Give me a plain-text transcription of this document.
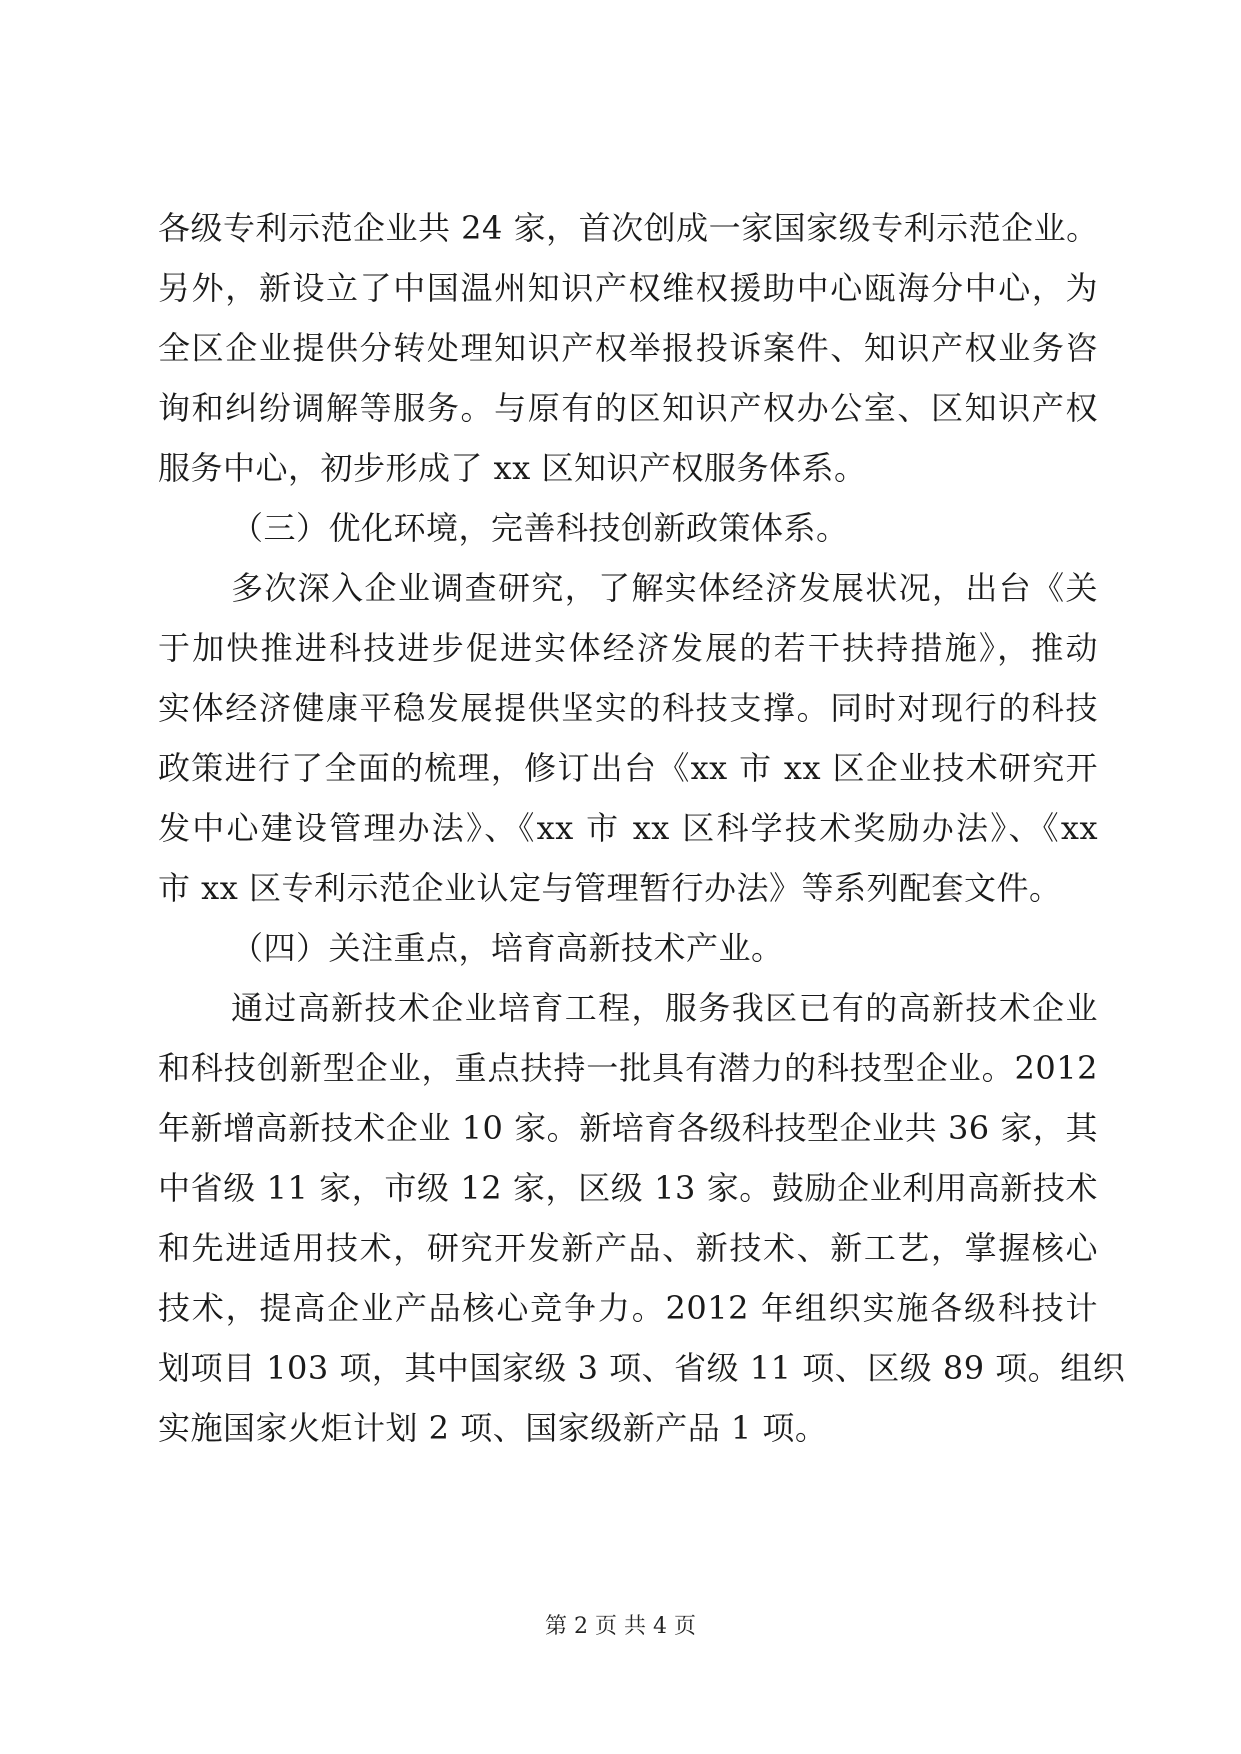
各级专利示范企业共 24 家，首次创成一家国家级专利示范企业。
另外，新设立了中国温州知识产权维权援助中心瓯海分中心，为
全区企业提供分转处理知识产权举报投诉案件、知识产权业务咨
询和纠纷调解等服务。与原有的区知识产权办公室、区知识产权
服务中心，初步形成了 xx 区知识产权服务体系。
（三）优化环境，完善科技创新政策体系。
多次深入企业调查研究，了解实体经济发展状况，出台《关
于加快推进科技进步促进实体经济发展的若干扶持措施》，推动
实体经济健康平稳发展提供坚实的科技支撑。同时对现行的科技
政策进行了全面的梳理，修订出台《xx 市 xx 区企业技术研究开
发中心建设管理办法》、《xx 市 xx 区科学技术奖励办法》、《xx
市 xx 区专利示范企业认定与管理暂行办法》等系列配套文件。
（四）关注重点，培育高新技术产业。
通过高新技术企业培育工程，服务我区已有的高新技术企业
和科技创新型企业，重点扶持一批具有潜力的科技型企业。2012
年新增高新技术企业 10 家。新培育各级科技型企业共 36 家，其
中省级 11 家，市级 12 家，区级 13 家。鼓励企业利用高新技术
和先进适用技术，研究开发新产品、新技术、新工艺，掌握核心
技术，提高企业产品核心竞争力。2012 年组织实施各级科技计
划项目 103 项，其中国家级 3 项、省级 11 项、区级 89 项。组织
实施国家火炬计划 2 项、国家级新产品 1 项。
第 2 页 共 4 页
